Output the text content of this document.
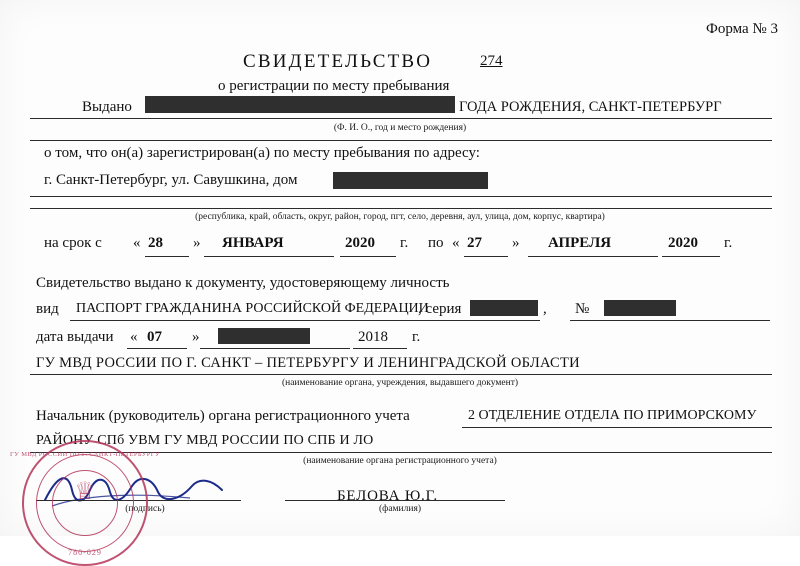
Форма № 3
СВИДЕТЕЛЬСТВО	274
о регистрации по месту пребывания
Выдано	ГОДА РОЖДЕНИЯ, САНКТ-ПЕТЕРБУРГ
(Ф. И. О., год и место рождения)
о том, что он(а) зарегистрирован(а) по месту пребывания по адресу:
г. Санкт-Петербург, ул. Савушкина, дом
(республика, край, область, округ, район, город, пгт, село, деревня, аул, улица, дом, корпус, квартира)
на срок с « 28 » ЯНВАРЯ	2020 г. по « 27 » АПРЕЛЯ	2020 г.
Свидетельство выдано к документу, удостоверяющему личность
вид ПАСПОРТ ГРАЖДАНИНА РОССИЙСКОЙ ФЕДЕРАЦИИ
, серия	, №
дата выдачи « 07 »	2018 г.
ГУ МВД РОССИИ ПО Г. САНКТ – ПЕТЕРБУРГУ И ЛЕНИНГРАДСКОЙ ОБЛАСТИ
(наименование органа, учреждения, выдавшего документ)
Начальник (руководитель) органа регистрационного учета	2 ОТДЕЛЕНИЕ ОТДЕЛА ПО ПРИМОРСКОМУ
РАЙОНУ СПб УВМ ГУ МВД РОССИИ ПО СПБ И ЛО
(наименование органа регистрационного учета)
(подпись)
БЕЛОВА Ю.Г.
(фамилия)
ГУ МВД РОССИИ ПО Г. САНКТ-ПЕТЕРБУРГУ
♕
780-029
